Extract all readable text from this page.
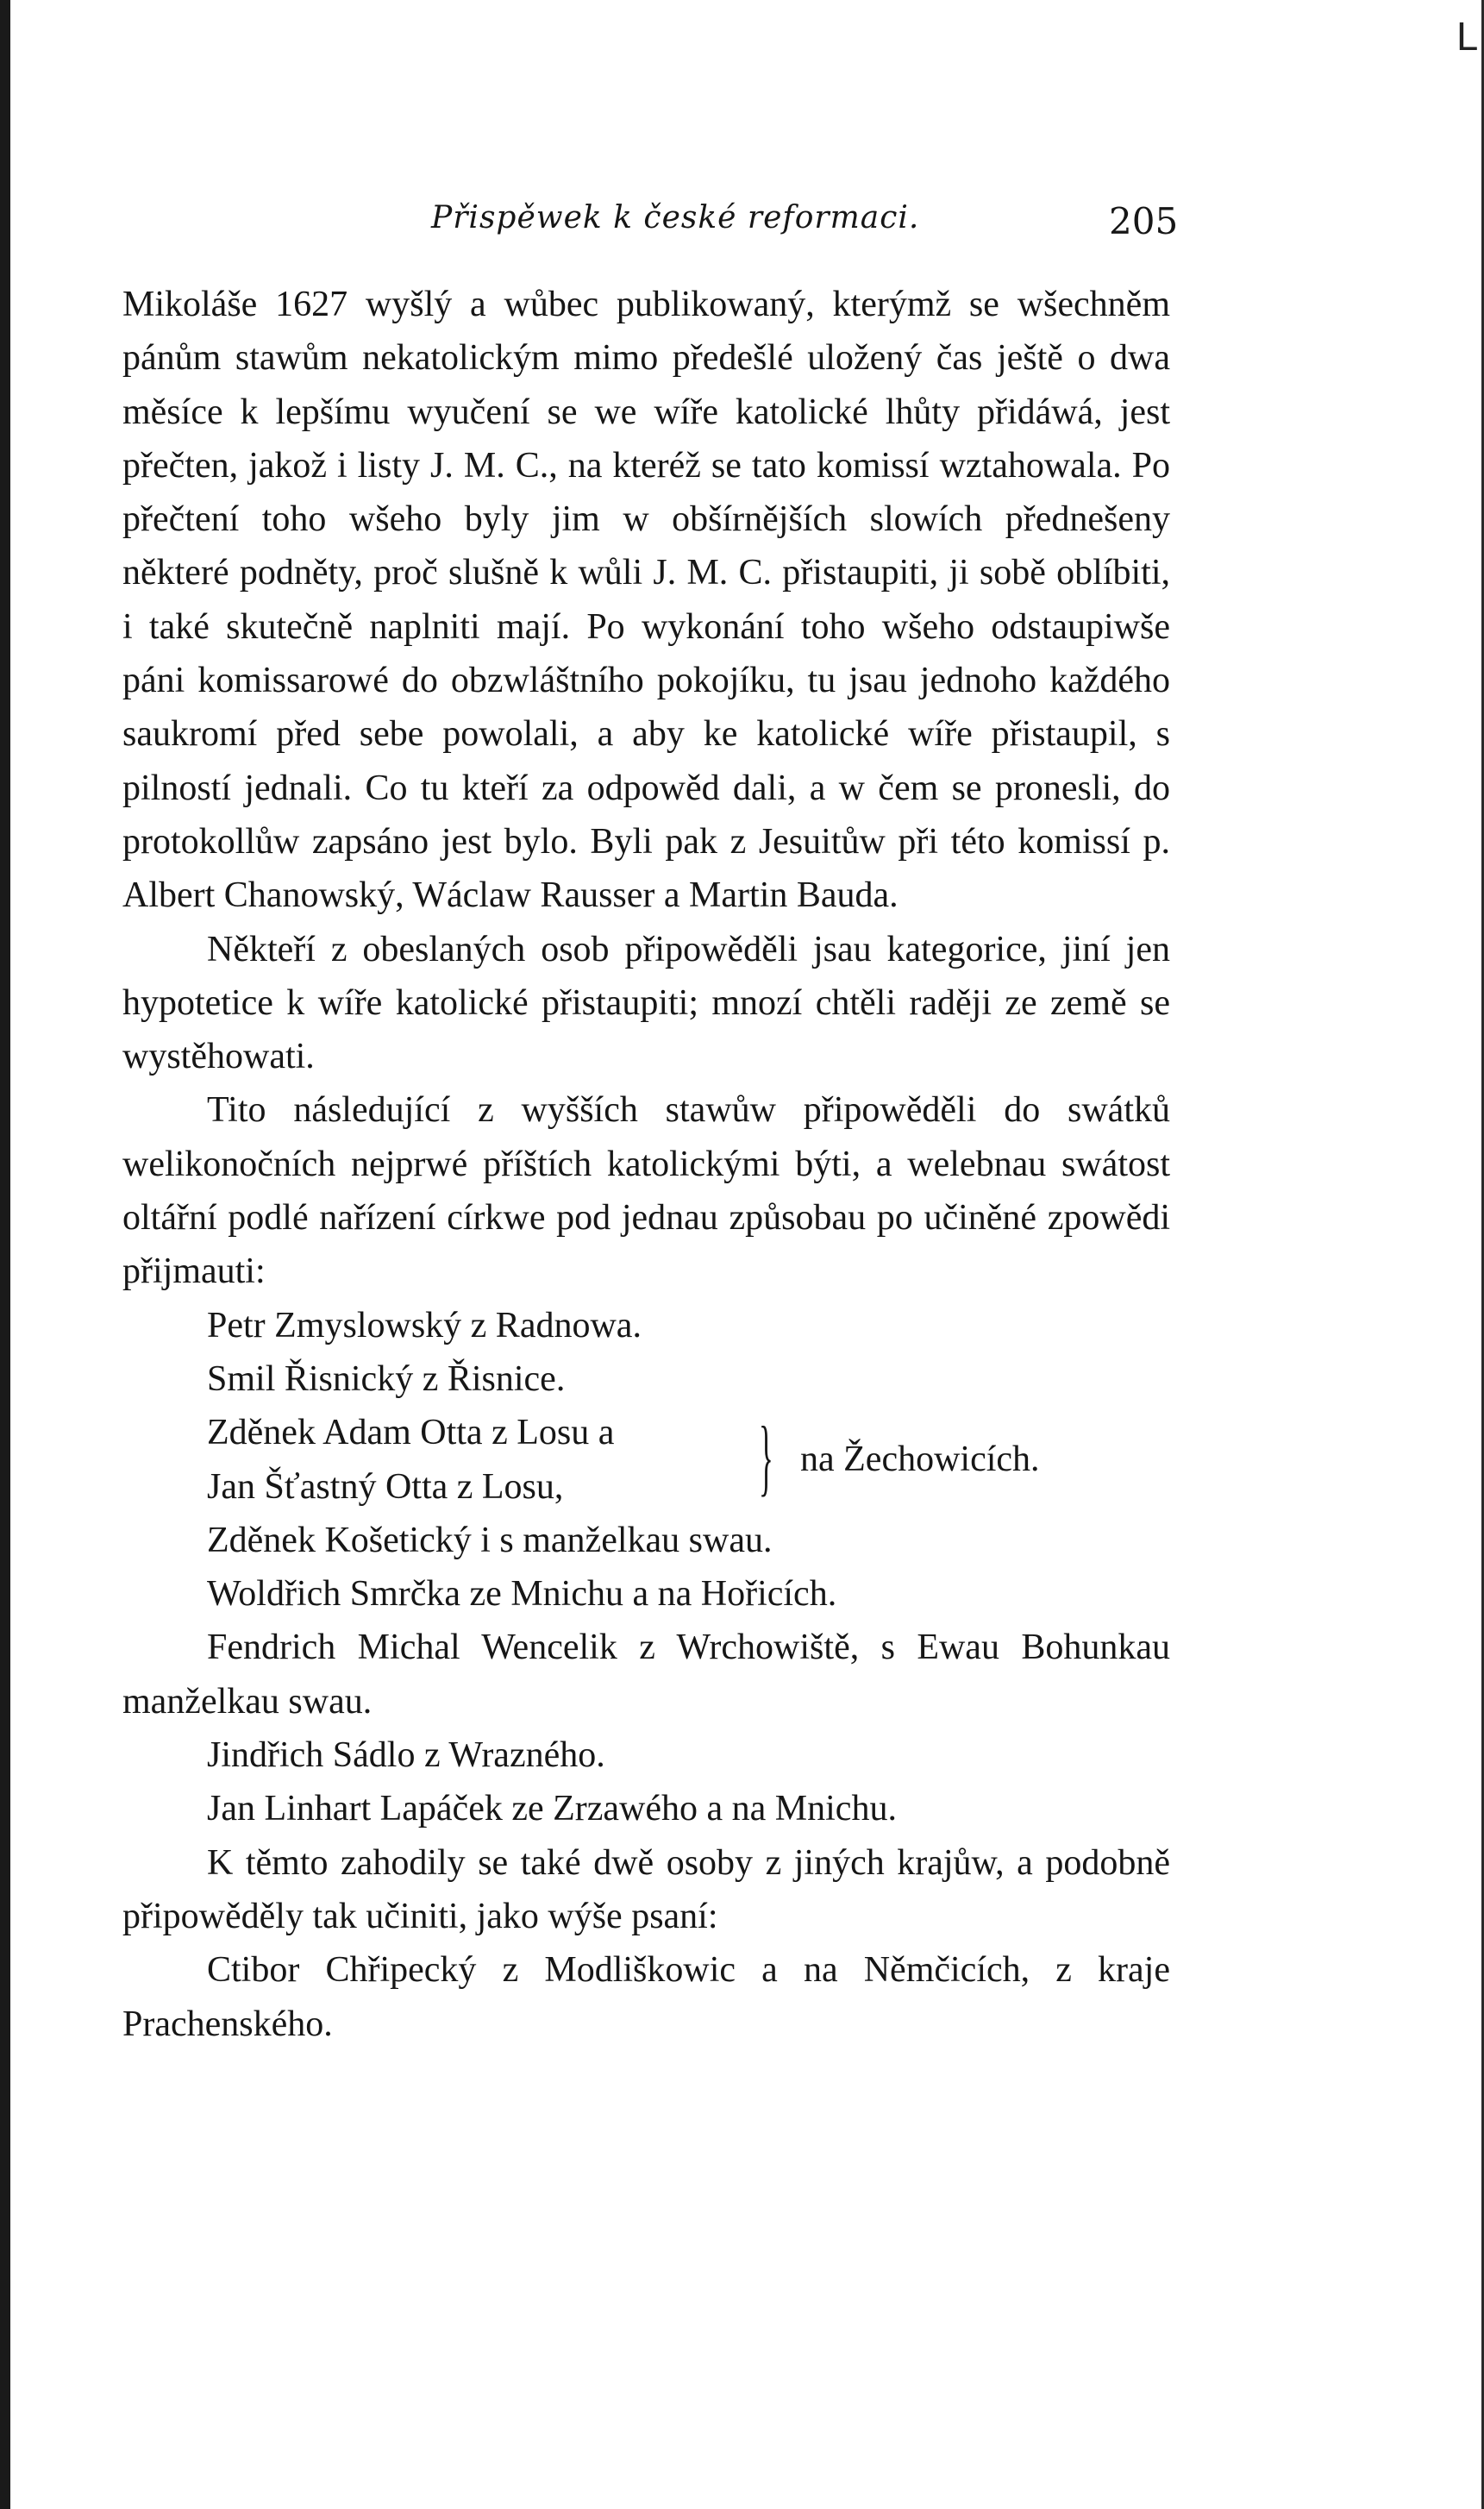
ᒪ
Přispěwek k české reformaci.	205

Mikoláše 1627 wyšlý a wůbec publikowaný, kterýmž se wšechněm pánům stawům nekatolickým mimo předešlé uložený čas ještě o dwa měsíce k lepšímu wyučení se we wíře katolické lhůty přidáwá, jest přečten, jakož i listy J. M. C., na kteréž se tato komissí wztahowala. Po přečtení toho wšeho byly jim w obšírnějších slowích přednešeny některé podněty, proč slušně k wůli J. M. C. přistaupiti, ji sobě oblíbiti, i také skutečně naplniti mají. Po wykonání toho wšeho odstaupiwše páni komissarowé do obzwláštního pokojíku, tu jsau jednoho každého saukromí před sebe powolali, a aby ke katolické wíře přistaupil, s pilností jednali. Co tu kteří za odpowěd dali, a w čem se pronesli, do protokollůw zapsáno jest bylo. Byli pak z Jesuitůw při této komissí p. Albert Chanowský, Wáclaw Rausser a Martin Bauda.

Někteří z obeslaných osob připowěděli jsau kategorice, jiní jen hypotetice k wíře katolické přistaupiti; mnozí chtěli raději ze země se wystěhowati.

Tito následující z wyšších stawůw připowěděli do swátků welikonočních nejprwé příštích katolickými býti, a welebnau swátost oltářní podlé nařízení církwe pod jednau způsobau po učiněné zpowědi přijmauti:

Petr Zmyslowský z Radnowa.
Smil Řisnický z Řisnice.
Zděnek Adam Otta z Losu a
Jan Šťastný Otta z Losu,	} na Žechowicích.
Zděnek Košetický i s manželkau swau.
Woldřich Smrčka ze Mnichu a na Hořicích.

Fendrich Michal Wencelik z Wrchowiště, s Ewau Bohunkau manželkau swau.

Jindřich Sádlo z Wrazného.
Jan Linhart Lapáček ze Zrzawého a na Mnichu.

K těmto zahodily se také dwě osoby z jiných krajůw, a podobně připowěděly tak učiniti, jako wýše psaní:

Ctibor Chřipecký z Modliškowic a na Němčicích, z kraje Prachenského.
